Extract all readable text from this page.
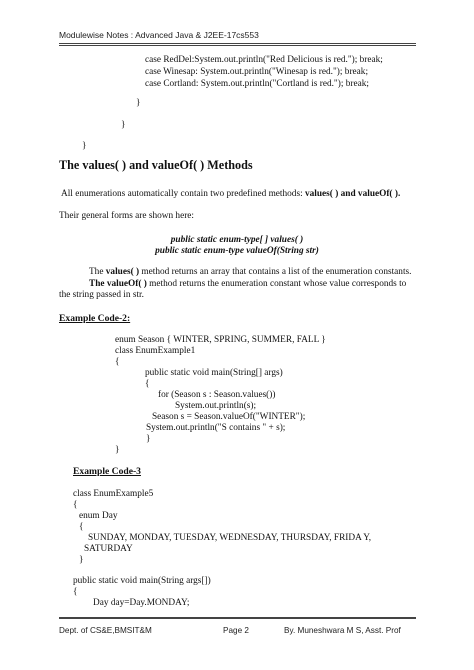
Modulewise Notes : Advanced Java & J2EE-17cs553
case RedDel:System.out.println("Red Delicious is red."); break;
case Winesap: System.out.println("Winesap is red."); break;
case Cortland: System.out.println("Cortland is red."); break;
}
}
}
The values( ) and valueOf( ) Methods
All enumerations automatically contain two predefined methods: values( ) and valueOf( ).
Their general forms are shown here:
public static enum-type[ ] values( )
public static enum-type valueOf(String str)
The values( ) method returns an array that contains a list of the enumeration constants.
The valueOf( ) method returns the enumeration constant whose value corresponds to
the string passed in str.
Example Code-2:
enum Season { WINTER, SPRING, SUMMER, FALL }
class EnumExample1
{
public static void main(String[] args)
{
for (Season s : Season.values())
System.out.println(s);
Season s = Season.valueOf("WINTER");
System.out.println("S contains " + s);
}
}
Example Code-3
class EnumExample5
{
enum Day
{
SUNDAY, MONDAY, TUESDAY, WEDNESDAY, THURSDAY, FRIDA Y,
SATURDAY
}
public static void main(String args[])
{
Day day=Day.MONDAY;
Dept. of CS&E,BMSIT&M	Page 2	By. Muneshwara M S, Asst. Prof
